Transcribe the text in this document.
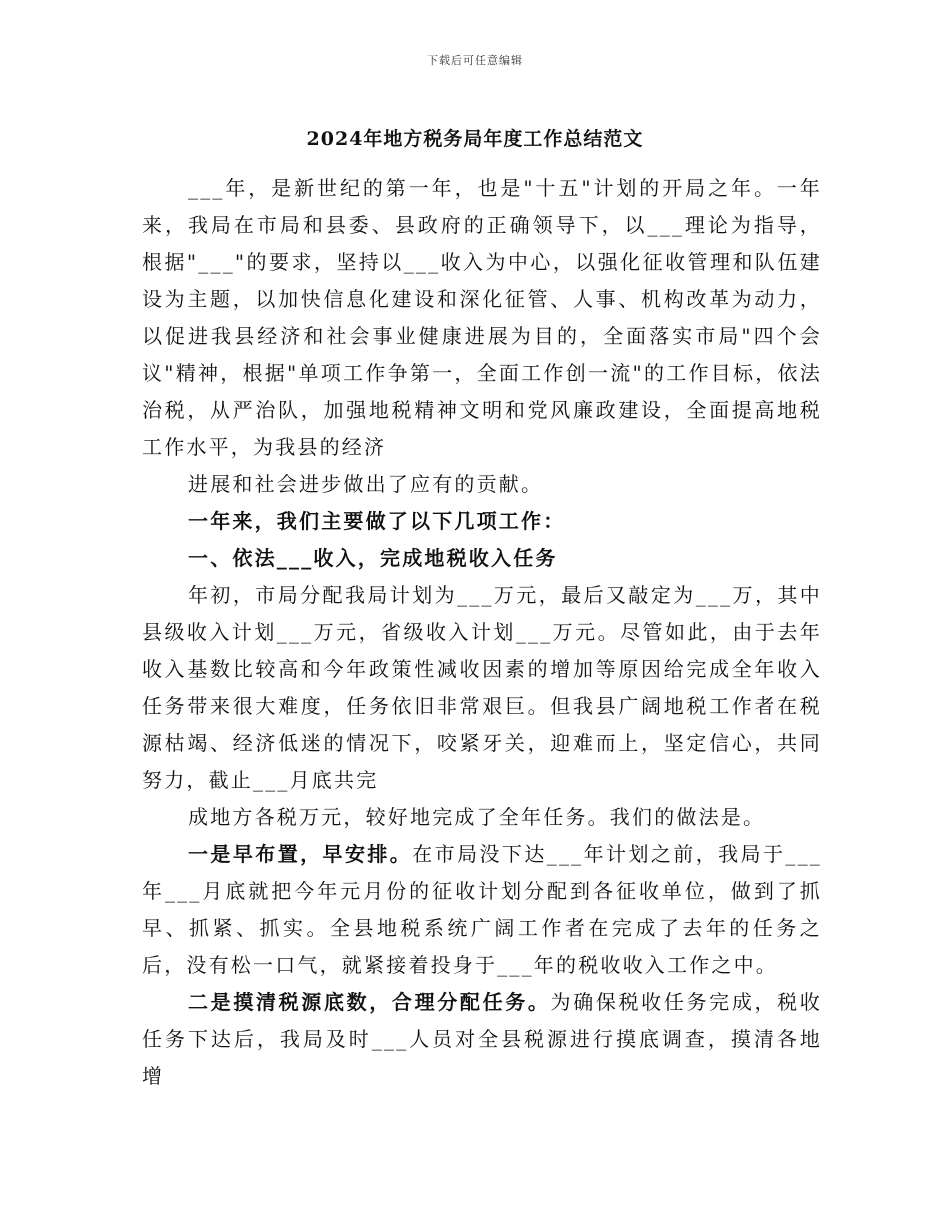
下载后可任意编辑
2024年地方税务局年度工作总结范文

___年，是新世纪的第一年，也是"十五"计划的开局之年。一年来，我局在市局和县委、县政府的正确领导下，以___理论为指导，根据"___"的要求，坚持以___收入为中心，以强化征收管理和队伍建设为主题，以加快信息化建设和深化征管、人事、机构改革为动力，以促进我县经济和社会事业健康进展为目的，全面落实市局"四个会议"精神，根据"单项工作争第一，全面工作创一流"的工作目标，依法治税，从严治队，加强地税精神文明和党风廉政建设，全面提高地税工作水平，为我县的经济

进展和社会进步做出了应有的贡献。

一年来，我们主要做了以下几项工作：

一、依法___收入，完成地税收入任务

年初，市局分配我局计划为___万元，最后又敲定为___万，其中县级收入计划___万元，省级收入计划___万元。尽管如此，由于去年收入基数比较高和今年政策性减收因素的增加等原因给完成全年收入任务带来很大难度，任务依旧非常艰巨。但我县广阔地税工作者在税源枯竭、经济低迷的情况下，咬紧牙关，迎难而上，坚定信心，共同努力，截止___月底共完

成地方各税万元，较好地完成了全年任务。我们的做法是。

一是早布置，早安排。在市局没下达___年计划之前，我局于___年___月底就把今年元月份的征收计划分配到各征收单位，做到了抓早、抓紧、抓实。全县地税系统广阔工作者在完成了去年的任务之后，没有松一口气，就紧接着投身于___年的税收收入工作之中。

二是摸清税源底数，合理分配任务。为确保税收任务完成，税收任务下达后，我局及时___人员对全县税源进行摸底调查，摸清各地增
